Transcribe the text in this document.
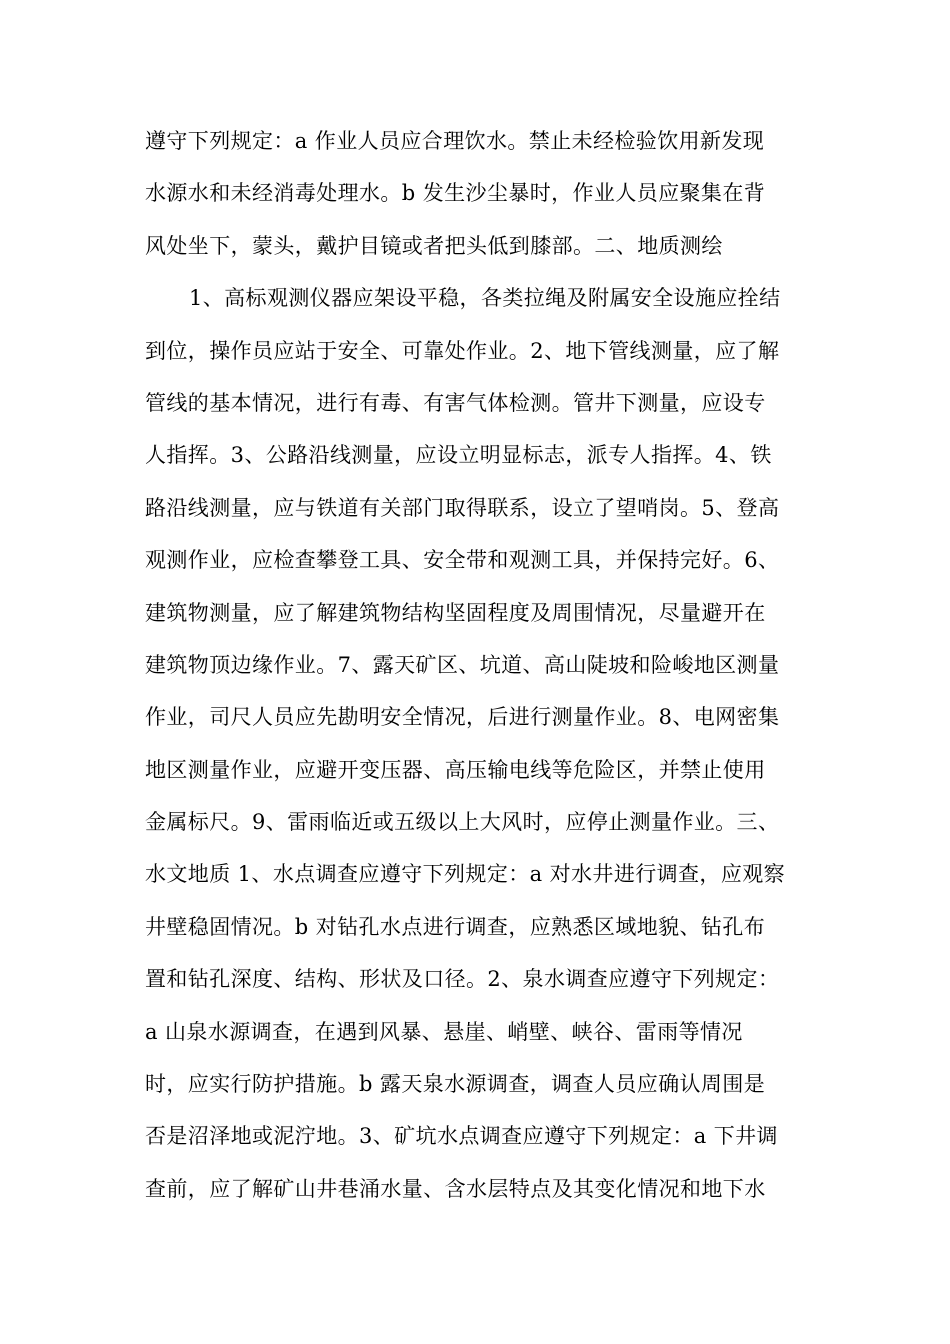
遵守下列规定：a 作业人员应合理饮水。禁止未经检验饮用新发现
水源水和未经消毒处理水。b 发生沙尘暴时，作业人员应聚集在背
风处坐下，蒙头，戴护目镜或者把头低到膝部。二、地质测绘
1、高标观测仪器应架设平稳，各类拉绳及附属安全设施应拴结
到位，操作员应站于安全、可靠处作业。2、地下管线测量，应了解
管线的基本情况，进行有毒、有害气体检测。管井下测量，应设专
人指挥。3、公路沿线测量，应设立明显标志，派专人指挥。4、铁
路沿线测量，应与铁道有关部门取得联系，设立了望哨岗。5、登高
观测作业，应检查攀登工具、安全带和观测工具，并保持完好。6、
建筑物测量，应了解建筑物结构坚固程度及周围情况，尽量避开在
建筑物顶边缘作业。7、露天矿区、坑道、高山陡坡和险峻地区测量
作业，司尺人员应先勘明安全情况，后进行测量作业。8、电网密集
地区测量作业，应避开变压器、高压输电线等危险区，并禁止使用
金属标尺。9、雷雨临近或五级以上大风时，应停止测量作业。三、
水文地质 1、水点调查应遵守下列规定：a 对水井进行调查，应观察
井壁稳固情况。b 对钻孔水点进行调查，应熟悉区域地貌、钻孔布
置和钻孔深度、结构、形状及口径。2、泉水调查应遵守下列规定：
a 山泉水源调查，在遇到风暴、悬崖、峭壁、峡谷、雷雨等情况
时，应实行防护措施。b 露天泉水源调查，调查人员应确认周围是
否是沼泽地或泥泞地。3、矿坑水点调查应遵守下列规定：a 下井调
查前，应了解矿山井巷涌水量、含水层特点及其变化情况和地下水
